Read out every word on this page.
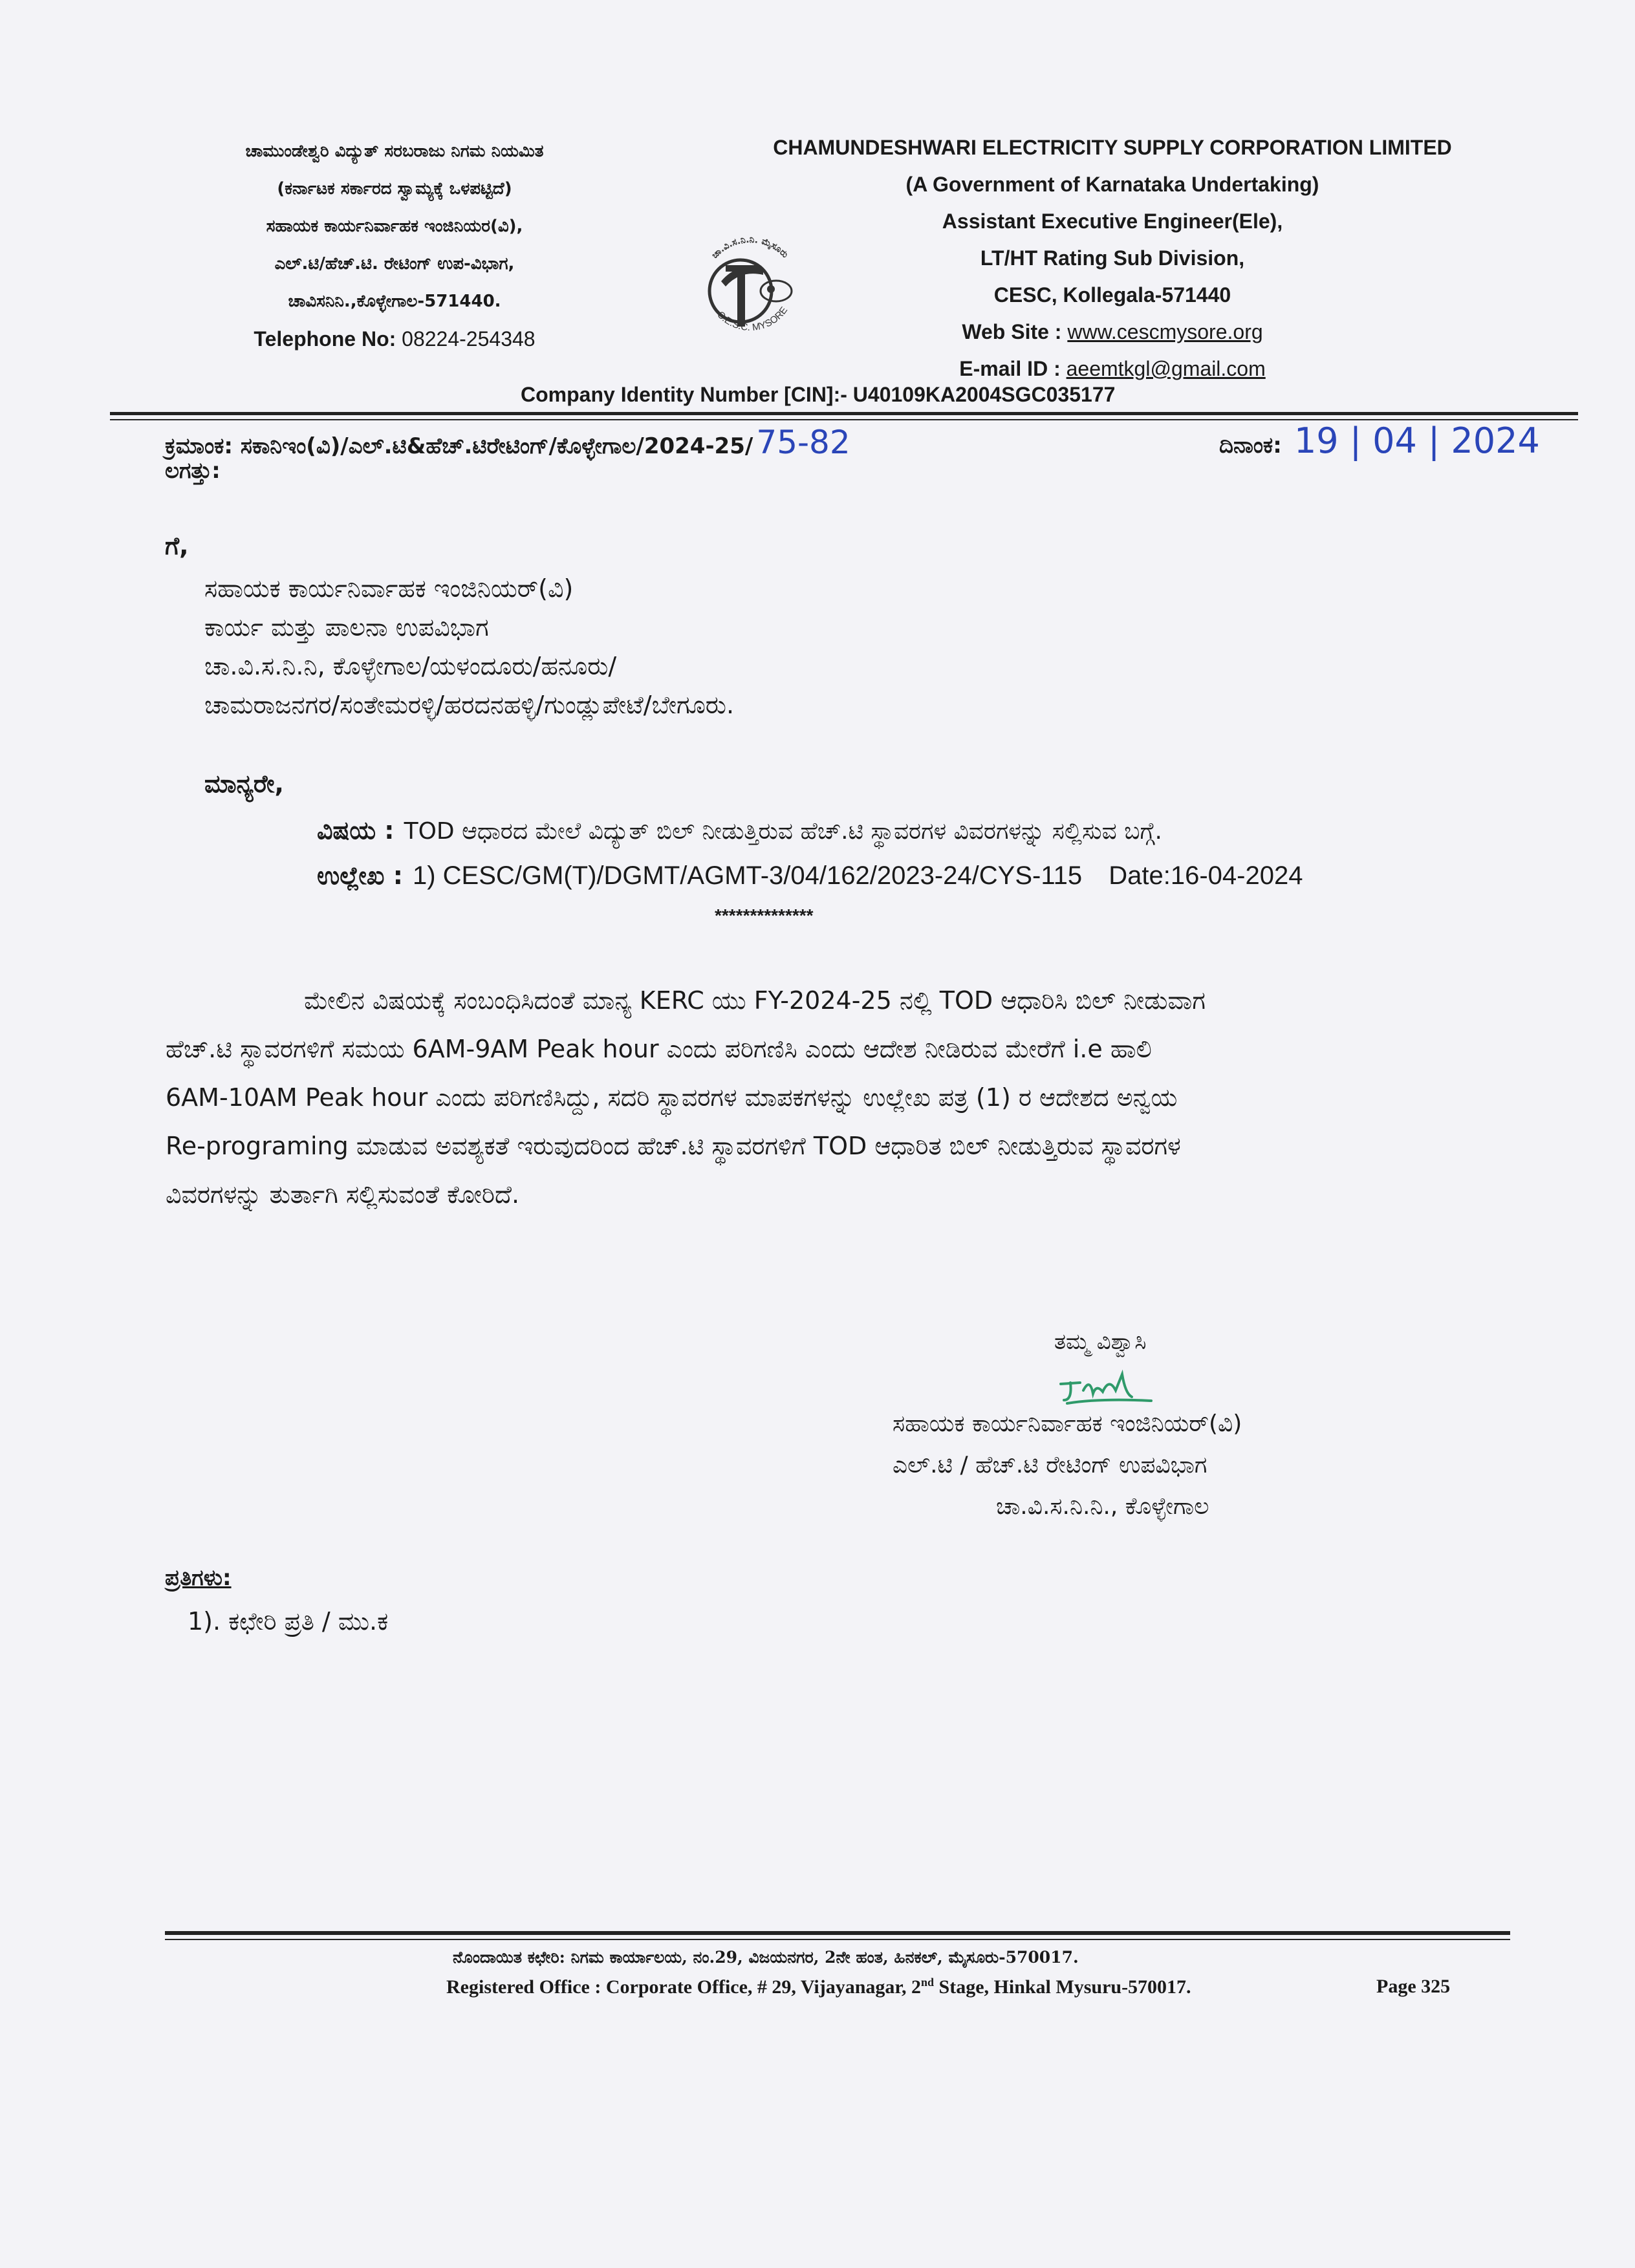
ಚಾಮುಂಡೇಶ್ವರಿ ವಿದ್ಯುತ್ ಸರಬರಾಜು ನಿಗಮ ನಿಯಮಿತ
(ಕರ್ನಾಟಕ ಸರ್ಕಾರದ ಸ್ವಾಮ್ಯಕ್ಕೆ ಒಳಪಟ್ಟಿದೆ)
ಸಹಾಯಕ ಕಾರ್ಯನಿರ್ವಾಹಕ ಇಂಜಿನಿಯರ(ವಿ),
ಎಲ್.ಟಿ/ಹೆಚ್.ಟಿ. ರೇಟಿಂಗ್ ಉಪ-ವಿಭಾಗ,
ಚಾವಿಸನಿನಿ.,ಕೊಳ್ಳೇಗಾಲ-571440.
Telephone No: 08224-254348
ಚಾ.ವಿ.ಸ.ನಿ.ನಿ. ಮೈಸೂರು
C.E.S.C. MYSORE
CHAMUNDESHWARI ELECTRICITY SUPPLY CORPORATION LIMITED
(A Government of Karnataka Undertaking)
Assistant Executive Engineer(Ele),
LT/HT Rating Sub Division,
CESC, Kollegala-571440
Web Site : www.cescmysore.org
E-mail ID : aeemtkgl@gmail.com
Company Identity Number [CIN]:- U40109KA2004SGC035177
ಕ್ರಮಾಂಕ: ಸಕಾನಿಇಂ(ವಿ)/ಎಲ್.ಟಿ&ಹೆಚ್.ಟಿರೇಟಿಂಗ್/ಕೊಳ್ಳೇಗಾಲ/2024-25/ 75-82	ದಿನಾಂಕ: 19 | 04 | 2024
ಲಗತ್ತು:
ಗೆ,
ಸಹಾಯಕ ಕಾರ್ಯನಿರ್ವಾಹಕ ಇಂಜಿನಿಯರ್(ವಿ)
ಕಾರ್ಯ ಮತ್ತು ಪಾಲನಾ ಉಪವಿಭಾಗ
ಚಾ.ವಿ.ಸ.ನಿ.ನಿ, ಕೊಳ್ಳೇಗಾಲ/ಯಳಂದೂರು/ಹನೂರು/
ಚಾಮರಾಜನಗರ/ಸಂತೇಮರಳ್ಳಿ/ಹರದನಹಳ್ಳಿ/ಗುಂಡ್ಲುಪೇಟೆ/ಬೇಗೂರು.
ಮಾನ್ಯರೇ,
ವಿಷಯ : TOD ಆಧಾರದ ಮೇಲೆ ವಿದ್ಯುತ್ ಬಿಲ್ ನೀಡುತ್ತಿರುವ ಹೆಚ್.ಟಿ ಸ್ಥಾವರಗಳ ವಿವರಗಳನ್ನು ಸಲ್ಲಿಸುವ ಬಗ್ಗೆ.
ಉಲ್ಲೇಖ : 1) CESC/GM(T)/DGMT/AGMT-3/04/162/2023-24/CYS-115 Date:16-04-2024
**************
ಮೇಲಿನ ವಿಷಯಕ್ಕೆ ಸಂಬಂಧಿಸಿದಂತೆ ಮಾನ್ಯ KERC ಯು FY-2024-25 ನಲ್ಲಿ TOD ಆಧಾರಿಸಿ ಬಿಲ್ ನೀಡುವಾಗ
ಹೆಚ್.ಟಿ ಸ್ಥಾವರಗಳಿಗೆ ಸಮಯ 6AM-9AM Peak hour ಎಂದು ಪರಿಗಣಿಸಿ ಎಂದು ಆದೇಶ ನೀಡಿರುವ ಮೇರೆಗೆ i.e ಹಾಲಿ
6AM-10AM Peak hour ಎಂದು ಪರಿಗಣಿಸಿದ್ದು, ಸದರಿ ಸ್ಥಾವರಗಳ ಮಾಪಕಗಳನ್ನು ಉಲ್ಲೇಖ ಪತ್ರ (1) ರ ಆದೇಶದ ಅನ್ವಯ
Re-programing ಮಾಡುವ ಅವಶ್ಯಕತೆ ಇರುವುದರಿಂದ ಹೆಚ್.ಟಿ ಸ್ಥಾವರಗಳಿಗೆ TOD ಆಧಾರಿತ ಬಿಲ್ ನೀಡುತ್ತಿರುವ ಸ್ಥಾವರಗಳ
ವಿವರಗಳನ್ನು ತುರ್ತಾಗಿ ಸಲ್ಲಿಸುವಂತೆ ಕೋರಿದೆ.
ತಮ್ಮ ವಿಶ್ವಾಸಿ
ಸಹಾಯಕ ಕಾರ್ಯನಿರ್ವಾಹಕ ಇಂಜಿನಿಯರ್(ವಿ)
ಎಲ್.ಟಿ / ಹೆಚ್.ಟಿ ರೇಟಿಂಗ್ ಉಪವಿಭಾಗ
ಚಾ.ವಿ.ಸ.ನಿ.ನಿ., ಕೊಳ್ಳೇಗಾಲ
ಪ್ರತಿಗಳು:
1). ಕಛೇರಿ ಪ್ರತಿ / ಮು.ಕ
ನೊಂದಾಯಿತ ಕಛೇರಿ: ನಿಗಮ ಕಾರ್ಯಾಲಯ, ನಂ.29, ವಿಜಯನಗರ, 2ನೇ ಹಂತ, ಹಿನಕಲ್, ಮೈಸೂರು-570017.
Registered Office : Corporate Office, # 29, Vijayanagar, 2nd Stage, Hinkal Mysuru-570017.	Page 325
